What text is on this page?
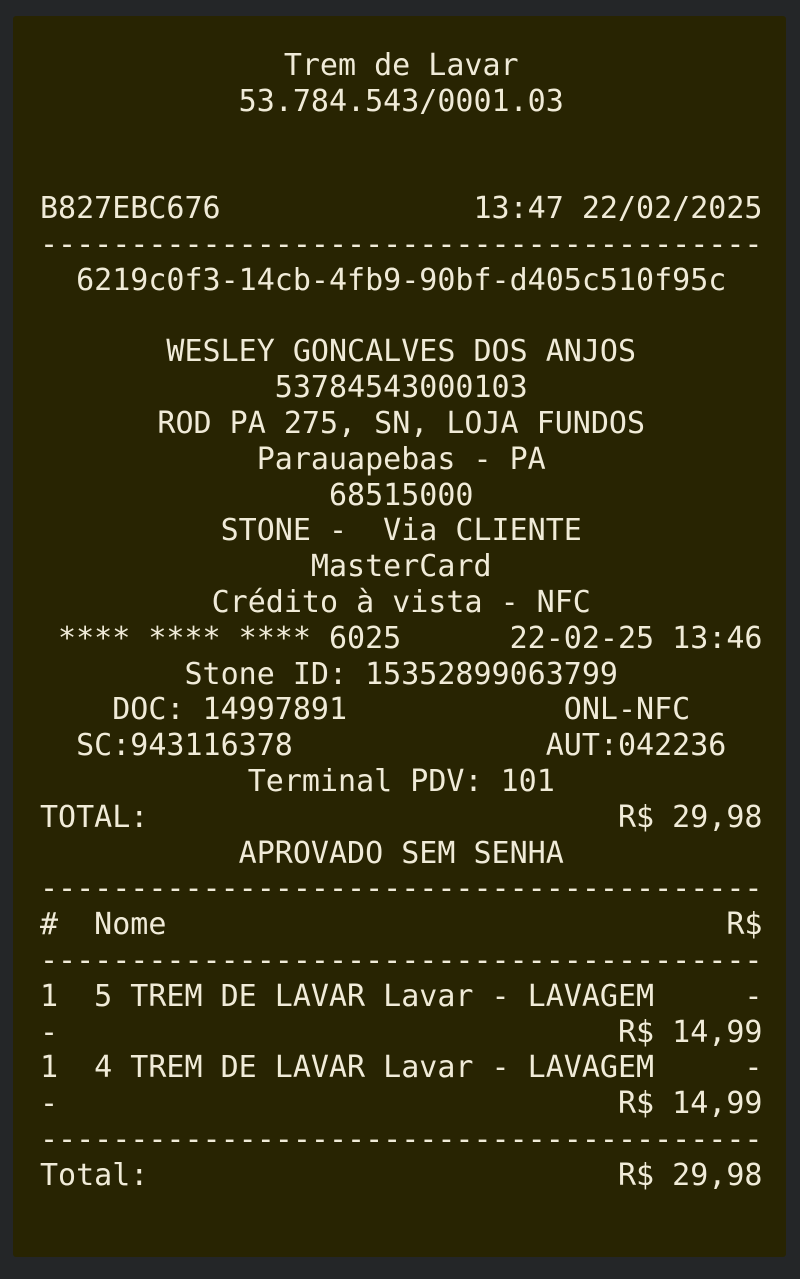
Trem de Lavar
53.784.543/0001.03

B827EBC676	13:47 22/02/2025
----------------------------------------
6219c0f3-14cb-4fb9-90bf-d405c510f95c

WESLEY GONCALVES DOS ANJOS
53784543000103
ROD PA 275, SN, LOJA FUNDOS
Parauapebas - PA
68515000
STONE -  Via CLIENTE
MasterCard
Crédito à vista - NFC
**** **** **** 6025	22-02-25 13:46
Stone ID: 15352899063799
DOC: 14997891            ONL-NFC
SC:943116378              AUT:042236
Terminal PDV: 101
TOTAL:	R$ 29,98
APROVADO SEM SENHA
----------------------------------------
#  Nome	R$
----------------------------------------
1  5 TREM DE LAVAR Lavar - LAVAGEM	-
-	R$ 14,99
1  4 TREM DE LAVAR Lavar - LAVAGEM	-
-	R$ 14,99
----------------------------------------
Total:	R$ 29,98
